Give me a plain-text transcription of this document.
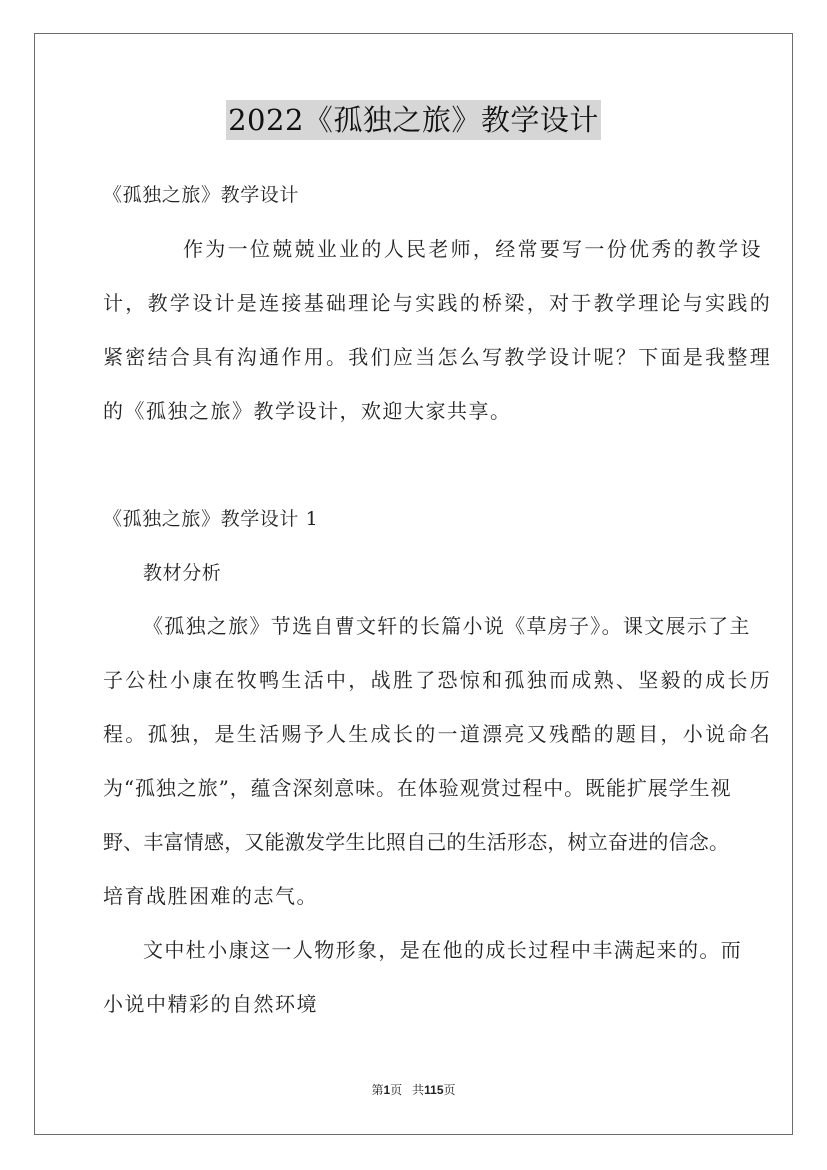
2022《孤独之旅》教学设计
《孤独之旅》教学设计
作为一位兢兢业业的人民老师，经常要写一份优秀的教学设
计，教学设计是连接基础理论与实践的桥梁，对于教学理论与实践的
紧密结合具有沟通作用。我们应当怎么写教学设计呢？下面是我整理
的《孤独之旅》教学设计，欢迎大家共享。
《孤独之旅》教学设计 1
教材分析
《孤独之旅》节选自曹文轩的长篇小说《草房子》。课文展示了主
子公杜小康在牧鸭生活中，战胜了恐惊和孤独而成熟、坚毅的成长历
程。孤独，是生活赐予人生成长的一道漂亮又残酷的题目，小说命名
为“孤独之旅”，蕴含深刻意味。在体验观赏过程中。既能扩展学生视
野、丰富情感，又能激发学生比照自己的生活形态，树立奋进的信念。
培育战胜困难的志气。
文中杜小康这一人物形象，是在他的成长过程中丰满起来的。而
小说中精彩的自然环境
第1页 共115页
